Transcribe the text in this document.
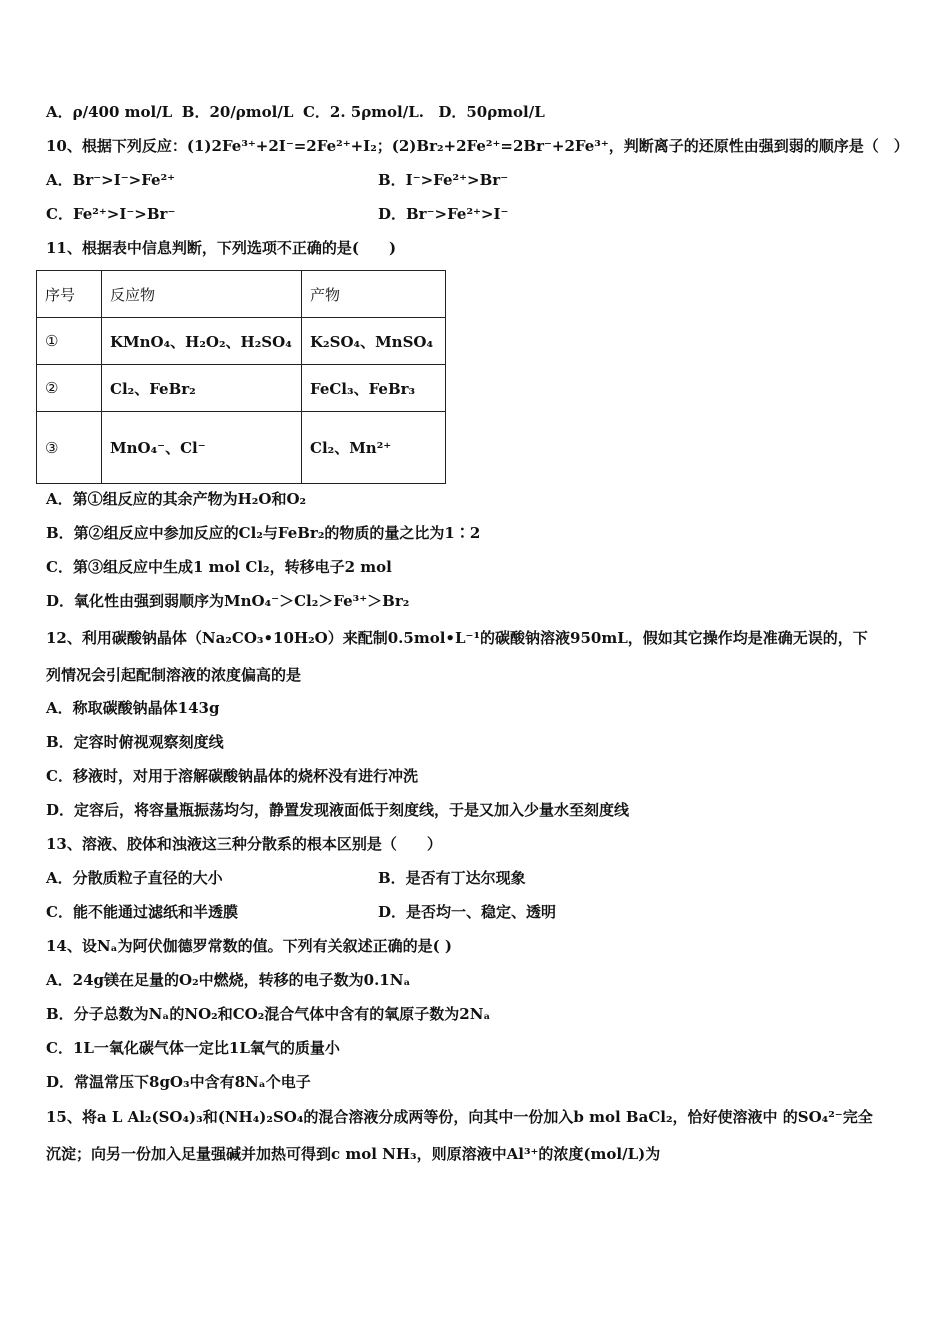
A．ρ/400 mol/L B．20/ρmol/L C．2. 5ρmol/L. D．50ρmol/L
10、根据下列反应：(1)2Fe³⁺+2I⁻=2Fe²⁺+I₂；(2)Br₂+2Fe²⁺=2Br⁻+2Fe³⁺，判断离子的还原性由强到弱的顺序是（　）
A．Br⁻>I⁻>Fe²⁺	B．I⁻>Fe²⁺>Br⁻
C．Fe²⁺>I⁻>Br⁻	D．Br⁻>Fe²⁺>I⁻
11、根据表中信息判断，下列选项不正确的是(　　)
序号	反应物	产物
①	KMnO₄、H₂O₂、H₂SO₄	K₂SO₄、MnSO₄
②	Cl₂、FeBr₂	FeCl₃、FeBr₃
③	MnO₄⁻、Cl⁻	Cl₂、Mn²⁺
A．第①组反应的其余产物为H₂O和O₂
B．第②组反应中参加反应的Cl₂与FeBr₂的物质的量之比为1∶2
C．第③组反应中生成1 mol Cl₂，转移电子2 mol
D．氧化性由强到弱顺序为MnO₄⁻＞Cl₂＞Fe³⁺＞Br₂
12、利用碳酸钠晶体（Na₂CO₃•10H₂O）来配制0.5mol•L⁻¹的碳酸钠溶液950mL，假如其它操作均是准确无误的，下
列情况会引起配制溶液的浓度偏高的是
A．称取碳酸钠晶体143g
B．定容时俯视观察刻度线
C．移液时，对用于溶解碳酸钠晶体的烧杯没有进行冲洗
D．定容后，将容量瓶振荡均匀，静置发现液面低于刻度线，于是又加入少量水至刻度线
13、溶液、胶体和浊液这三种分散系的根本区别是（　　）
A．分散质粒子直径的大小	B．是否有丁达尔现象
C．能不能通过滤纸和半透膜	D．是否均一、稳定、透明
14、设Nₐ为阿伏伽德罗常数的值。下列有关叙述正确的是( )
A．24g镁在足量的O₂中燃烧，转移的电子数为0.1Nₐ
B．分子总数为Nₐ的NO₂和CO₂混合气体中含有的氧原子数为2Nₐ
C．1L一氧化碳气体一定比1L氧气的质量小
D．常温常压下8gO₃中含有8Nₐ个电子
15、将a L Al₂(SO₄)₃和(NH₄)₂SO₄的混合溶液分成两等份，向其中一份加入b mol BaCl₂，恰好使溶液中 的SO₄²⁻完全
沉淀；向另一份加入足量强碱并加热可得到c mol NH₃，则原溶液中Al³⁺的浓度(mol/L)为
